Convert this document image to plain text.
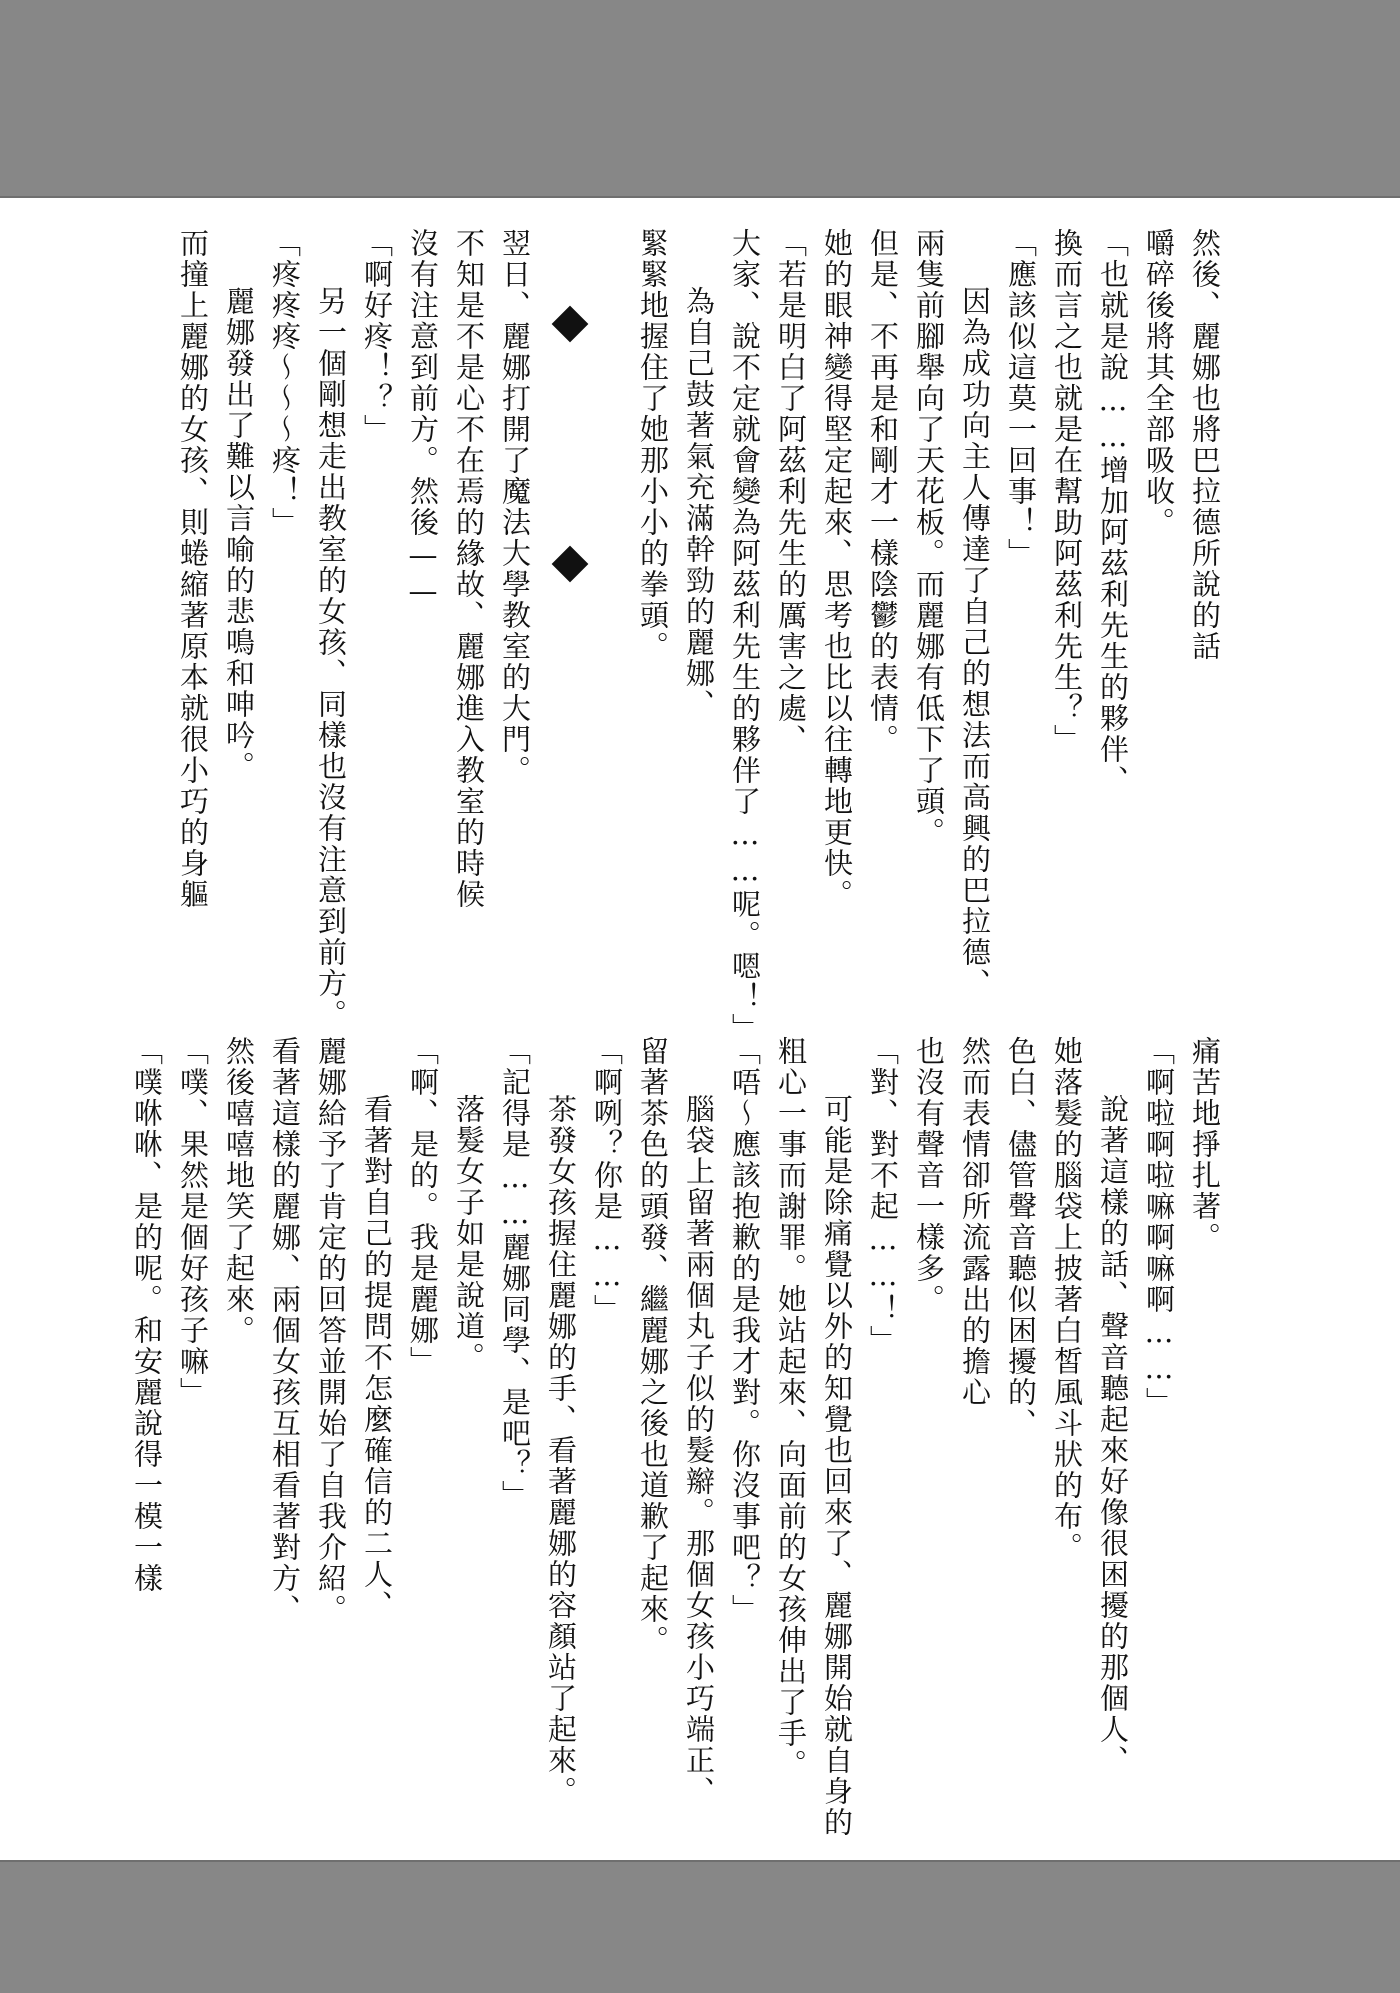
然後、麗娜也將巴拉德所說的話
嚼碎後將其全部吸收。
「也就是說……增加阿茲利先生的夥伴、
換而言之也就是在幫助阿茲利先生？」
「應該似這莫一回事！」
因為成功向主人傳達了自己的想法而高興的巴拉德、
兩隻前腳舉向了天花板。而麗娜有低下了頭。
但是、不再是和剛才一樣陰鬱的表情。
她的眼神變得堅定起來、思考也比以往轉地更快。
「若是明白了阿茲利先生的厲害之處、
大家、說不定就會變為阿茲利先生的夥伴了……呢。嗯！」
為自己鼓著氣充滿幹勁的麗娜、
緊緊地握住了她那小小的拳頭。
翌日、麗娜打開了魔法大學教室的大門。
不知是不是心不在焉的緣故、麗娜進入教室的時候
沒有注意到前方。然後——
「啊好疼！？」
另一個剛想走出教室的女孩、同樣也沒有注意到前方。
「疼疼疼～～～疼！」
麗娜發出了難以言喻的悲鳴和呻吟。
而撞上麗娜的女孩、則蜷縮著原本就很小巧的身軀
痛苦地掙扎著。
「啊啦啊啦嘛啊嘛啊……」
說著這樣的話、聲音聽起來好像很困擾的那個人、
她落髮的腦袋上披著白皙風斗狀的布。
色白、儘管聲音聽似困擾的、
然而表情卻所流露出的擔心
也沒有聲音一樣多。
「對、對不起……！」
可能是除痛覺以外的知覺也回來了、麗娜開始就自身的
粗心一事而謝罪。她站起來、向面前的女孩伸出了手。
「唔～應該抱歉的是我才對。你沒事吧？」
腦袋上留著兩個丸子似的髮辮。那個女孩小巧端正、
留著茶色的頭發、繼麗娜之後也道歉了起來。
「啊咧？你是……」
茶發女孩握住麗娜的手、看著麗娜的容顏站了起來。
「記得是……麗娜同學、是吧？」
落髮女子如是說道。
「啊、是的。我是麗娜」
看著對自己的提問不怎麼確信的二人、
麗娜給予了肯定的回答並開始了自我介紹。
看著這樣的麗娜、兩個女孩互相看著對方、
然後嘻嘻地笑了起來。
「噗、果然是個好孩子嘛」
「噗咻咻、是的呢。和安麗說得一模一樣
